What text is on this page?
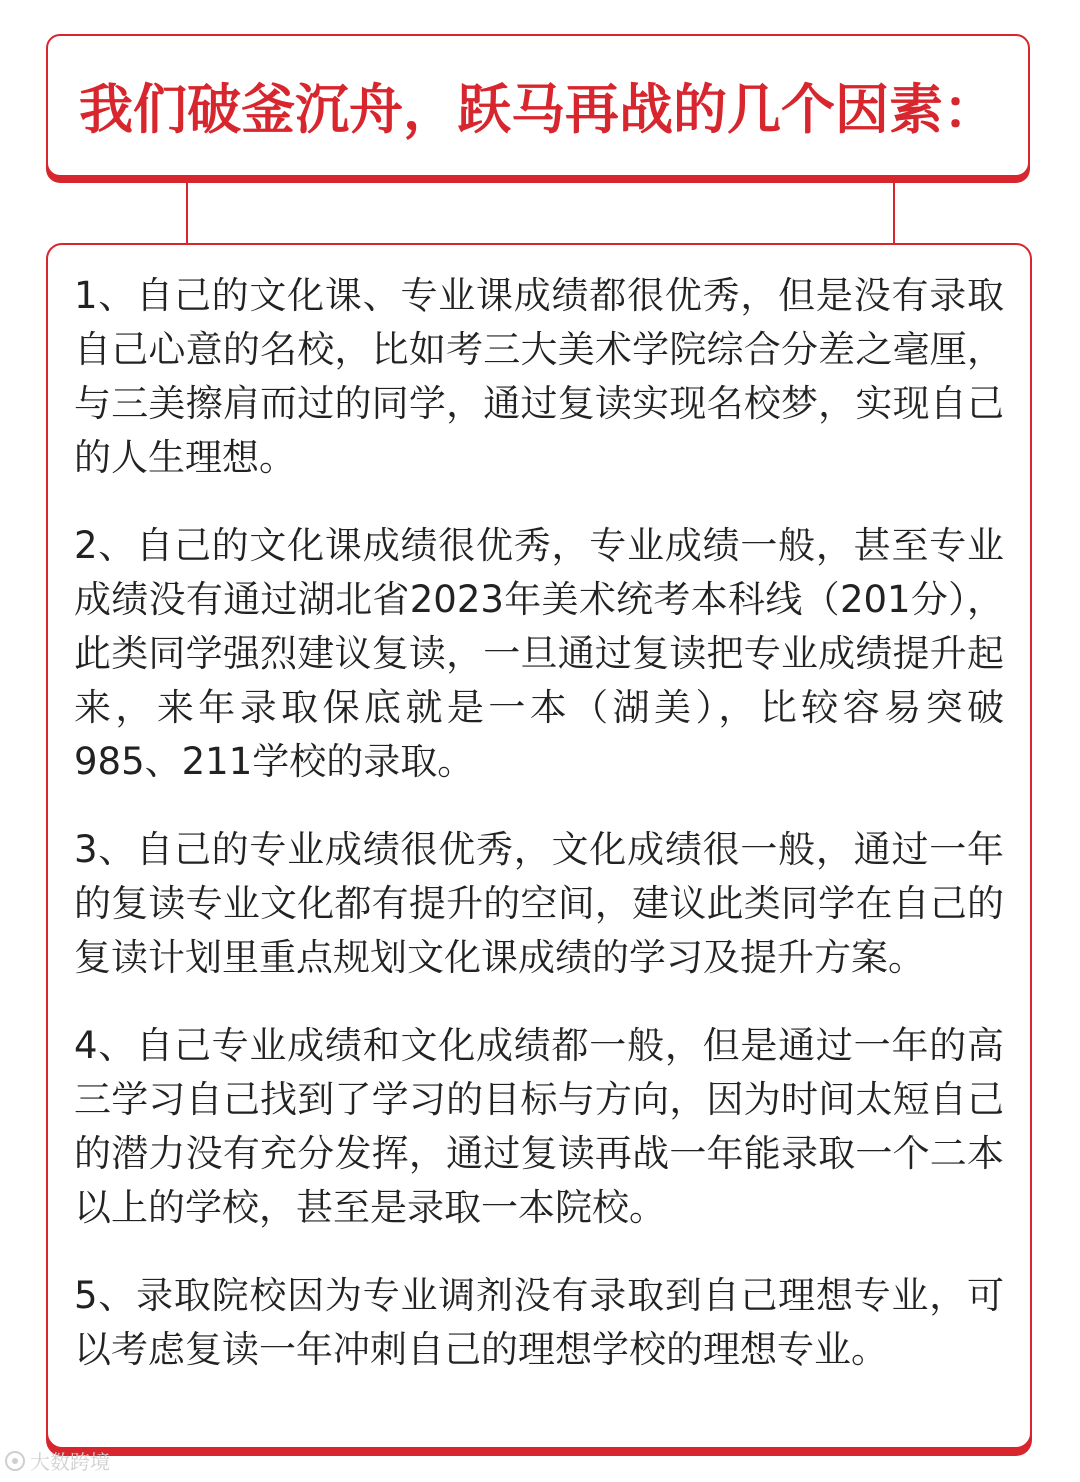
我们破釜沉舟，跃马再战的几个因素：
1、自己的文化课、专业课成绩都很优秀，但是没有录取自己心意的名校，比如考三大美术学院综合分差之毫厘，与三美擦肩而过的同学，通过复读实现名校梦，实现自己的人生理想。
2、自己的文化课成绩很优秀，专业成绩一般，甚至专业成绩没有通过湖北省2023年美术统考本科线（201分），此类同学强烈建议复读，一旦通过复读把专业成绩提升起来，来年录取保底就是一本（湖美），比较容易突破985、211学校的录取。
3、自己的专业成绩很优秀，文化成绩很一般，通过一年的复读专业文化都有提升的空间，建议此类同学在自己的复读计划里重点规划文化课成绩的学习及提升方案。
4、自己专业成绩和文化成绩都一般，但是通过一年的高三学习自己找到了学习的目标与方向，因为时间太短自己的潜力没有充分发挥，通过复读再战一年能录取一个二本以上的学校，甚至是录取一本院校。
5、录取院校因为专业调剂没有录取到自己理想专业，可以考虑复读一年冲刺自己的理想学校的理想专业。
大数跨境
